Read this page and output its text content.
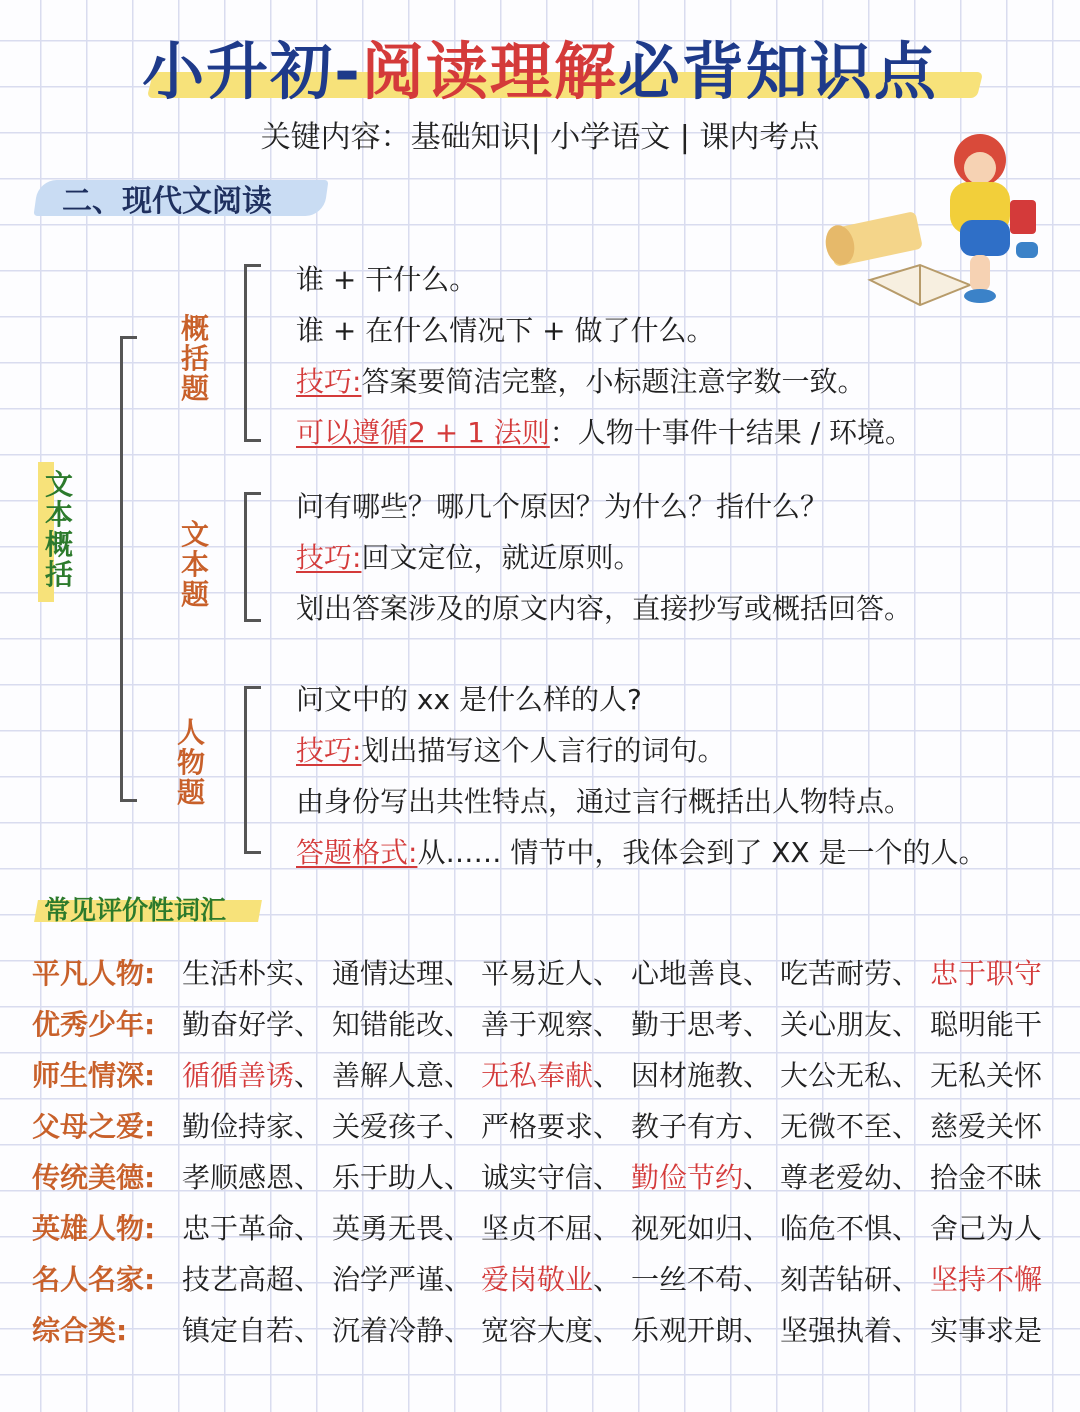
小升初-阅读理解必背知识点
关键内容：基础知识| 小学语文 | 课内考点
二、现代文阅读
文本概括
概括题
谁 + 干什么。
谁 + 在什么情况下 + 做了什么。
技巧:答案要简洁完整，小标题注意字数一致。
可以遵循2 + 1 法则：人物十事件十结果 / 环境。
文本题
问有哪些？哪几个原因？为什么？指什么？
技巧:回文定位，就近原则。
划出答案涉及的原文内容，直接抄写或概括回答。
人物题
问文中的 xx 是什么样的人?
技巧:划出描写这个人言行的词句。
由身份写出共性特点，通过言行概括出人物特点。
答题格式:从…… 情节中，我体会到了 XX 是一个的人。
常见评价性词汇
平凡人物: 生活朴实、 通情达理、 平易近人、 心地善良、 吃苦耐劳、 忠于职守
优秀少年: 勤奋好学、 知错能改、 善于观察、 勤于思考、 关心朋友、 聪明能干
师生情深: 循循善诱、 善解人意、 无私奉献、 因材施教、 大公无私、 无私关怀
父母之爱: 勤俭持家、 关爱孩子、 严格要求、 教子有方、 无微不至、 慈爱关怀
传统美德: 孝顺感恩、 乐于助人、 诚实守信、 勤俭节约、 尊老爱幼、 拾金不昧
英雄人物: 忠于革命、 英勇无畏、 坚贞不屈、 视死如归、 临危不惧、 舍己为人
名人名家: 技艺高超、 治学严谨、 爱岗敬业、 一丝不苟、 刻苦钻研、 坚持不懈
综合类: 镇定自若、 沉着冷静、 宽容大度、 乐观开朗、 坚强执着、 实事求是
